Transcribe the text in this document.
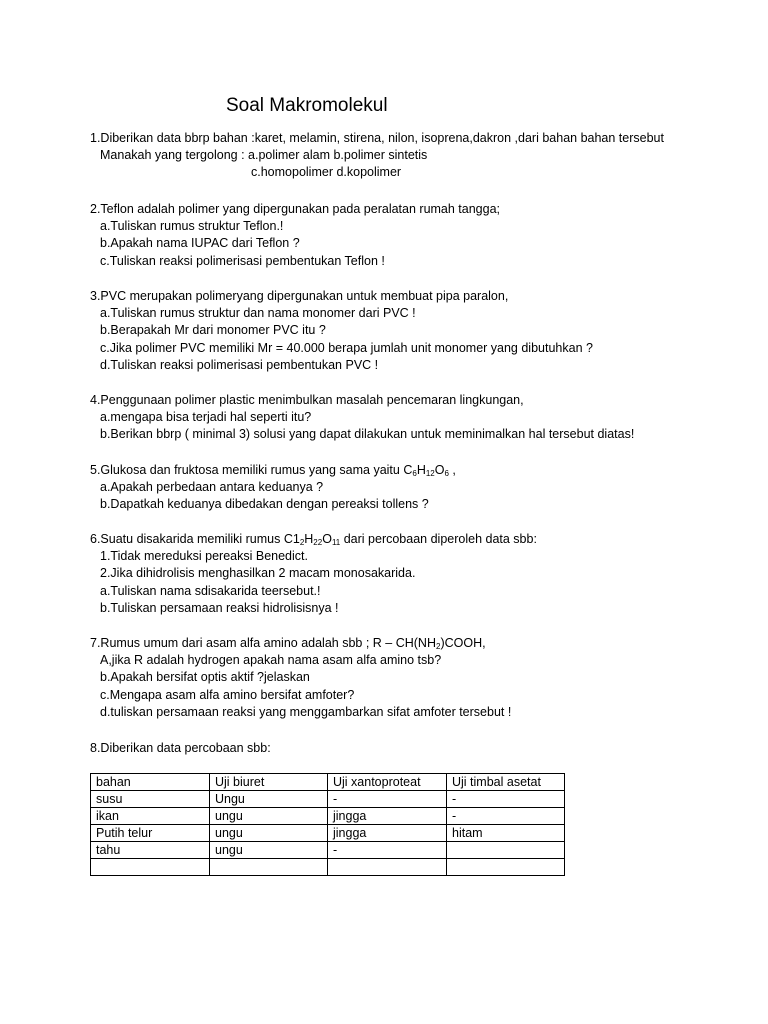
Soal Makromolekul
1.Diberikan data bbrp bahan :karet, melamin, stirena, nilon, isoprena,dakron ,dari bahan bahan tersebut
Manakah yang tergolong : a.polimer alam b.polimer sintetis
c.homopolimer d.kopolimer
2.Teflon adalah polimer yang dipergunakan pada peralatan rumah tangga;
a.Tuliskan rumus struktur Teflon.!
b.Apakah nama IUPAC dari Teflon ?
c.Tuliskan reaksi polimerisasi pembentukan Teflon !
3.PVC merupakan polimeryang dipergunakan untuk membuat pipa paralon,
a.Tuliskan rumus struktur dan nama monomer dari PVC !
b.Berapakah Mr dari monomer PVC itu ?
c.Jika polimer PVC memiliki Mr = 40.000 berapa jumlah unit monomer yang dibutuhkan ?
d.Tuliskan reaksi polimerisasi pembentukan PVC !
4.Penggunaan polimer plastic menimbulkan masalah pencemaran lingkungan,
a.mengapa bisa terjadi hal seperti itu?
b.Berikan bbrp ( minimal 3) solusi yang dapat dilakukan untuk meminimalkan hal tersebut diatas!
5.Glukosa dan fruktosa memiliki rumus yang sama yaitu $C_6H_{12}O_6$ ,
a.Apakah perbedaan antara keduanya ?
b.Dapatkah keduanya dibedakan dengan pereaksi tollens ?
6.Suatu disakarida memiliki rumus $C1_2H_{22}O_{11}$ dari percobaan diperoleh data sbb:
1.Tidak mereduksi pereaksi Benedict.
2.Jika dihidrolisis menghasilkan 2 macam monosakarida.
a.Tuliskan nama sdisakarida teersebut.!
b.Tuliskan persamaan reaksi hidrolisisnya !
7.Rumus umum dari asam alfa amino adalah sbb ; R – $CH(NH_2)COOH$,
A,jika R adalah hydrogen apakah nama asam alfa amino tsb?
b.Apakah bersifat optis aktif ?jelaskan
c.Mengapa asam alfa amino bersifat amfoter?
d.tuliskan persamaan reaksi yang menggambarkan sifat amfoter tersebut !
8.Diberikan data percobaan sbb:
bahan	Uji biuret	Uji xantoproteat	Uji timbal asetat
susu	Ungu	-	-
ikan	ungu	jingga	-
Putih telur	ungu	jingga	hitam
tahu	ungu	-	
